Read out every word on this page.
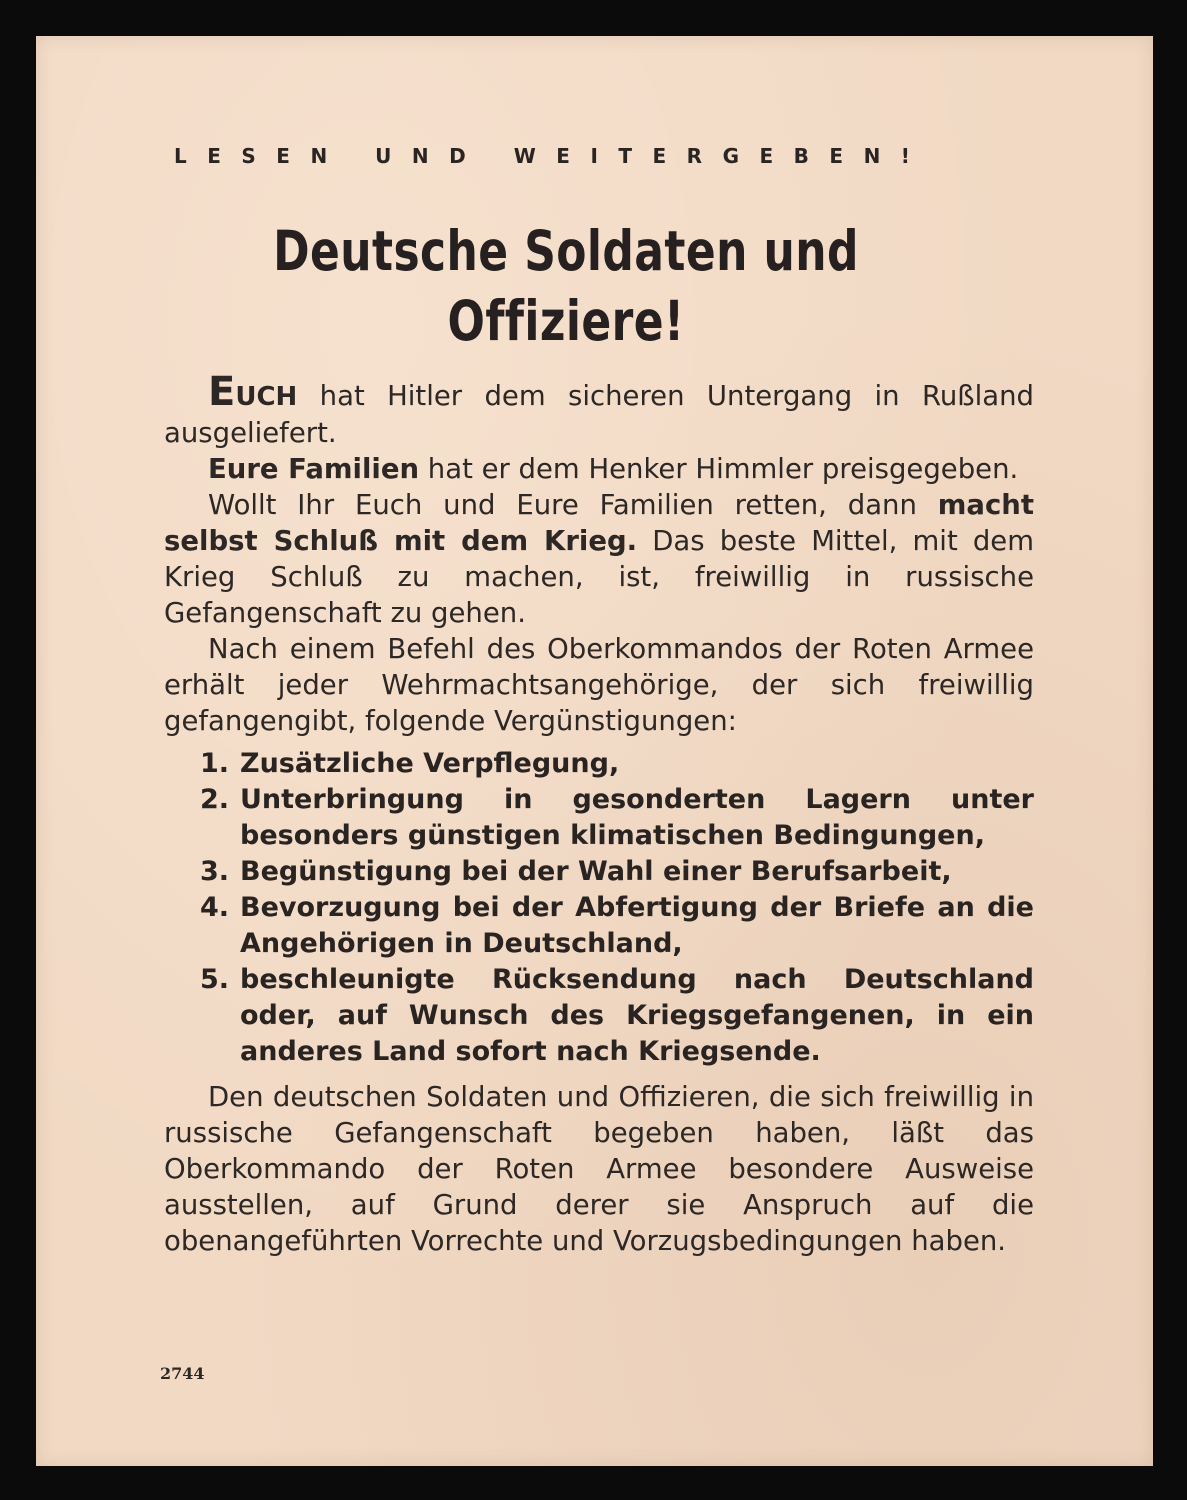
LESEN UND WEITERGEBEN!
Deutsche Soldaten und
Offiziere!

EUCH hat Hitler dem sicheren Untergang in Rußland ausgeliefert.

Eure Familien hat er dem Henker Himmler preisgegeben.

Wollt Ihr Euch und Eure Familien retten, dann macht selbst Schluß mit dem Krieg. Das beste Mittel, mit dem Krieg Schluß zu machen, ist, freiwillig in russische Gefangenschaft zu gehen.

Nach einem Befehl des Oberkommandos der Roten Armee erhält jeder Wehrmachtsangehörige, der sich freiwillig gefangengibt, folgende Vergünstigungen:

1. Zusätzliche Verpflegung,
2. Unterbringung in gesonderten Lagern unter besonders günstigen klimatischen Bedingungen,
3. Begünstigung bei der Wahl einer Berufsarbeit,
4. Bevorzugung bei der Abfertigung der Briefe an die Angehörigen in Deutschland,
5. beschleunigte Rücksendung nach Deutschland oder, auf Wunsch des Kriegsgefangenen, in ein anderes Land sofort nach Kriegsende.

Den deutschen Soldaten und Offizieren, die sich freiwillig in russische Gefangenschaft begeben haben, läßt das Oberkommando der Roten Armee besondere Ausweise ausstellen, auf Grund derer sie Anspruch auf die obenangeführten Vorrechte und Vorzugsbedingungen haben.

2744
